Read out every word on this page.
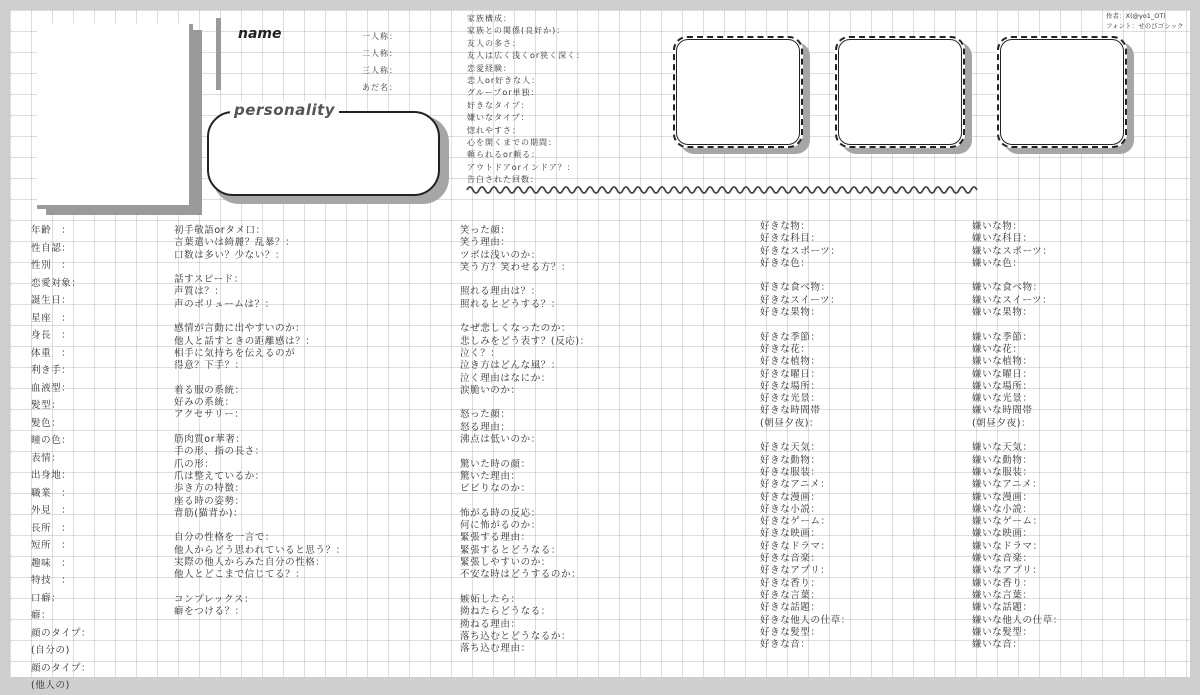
name	一人称：
二人称：
三人称：
あだ名：
personality
家族構成：
家族との関係(良好か)：
友人の多さ：
友人は広く浅くor狭く深く：
恋愛経験：
恋人or好きな人：
グループor単独：
好きなタイプ：
嫌いなタイプ：
惚れやすさ：
心を開くまでの期間：
頼られるor頼る：
アウトドアorインドア？：
告白された回数：
作者：X(@yo1_OT)
フォント：せのびゴシック
年齢　：
性自認：
性別　：
恋愛対象：
誕生日：
星座　：
身長　：
体重　：
利き手：
血液型：
髪型：
髪色：
瞳の色：
表情：
出身地：
職業　：
外見　：
長所　：
短所　：
趣味　：
特技　：
口癖：
癖：
顔のタイプ：
(自分の)
顔のタイプ：
(他人の)
初手敬語orタメ口：
言葉遣いは綺麗？乱暴？：
口数は多い？少ない？：
話すスピード：
声質は？：
声のボリュームは？：
感情が言動に出やすいのか：
他人と話すときの距離感は？：
相手に気持ちを伝えるのが
得意？下手？：
着る服の系統：
好みの系統：
アクセサリー：
筋肉質or華奢：
手の形、指の長さ：
爪の形：
爪は整えているか：
歩き方の特徴：
座る時の姿勢：
背筋(猫背か)：
自分の性格を一言で：
他人からどう思われていると思う？：
実際の他人からみた自分の性格：
他人とどこまで信じてる？：
コンプレックス：
癖をつける？：
笑った顔：
笑う理由：
ツボは浅いのか：
笑う方？笑わせる方？：
照れる理由は？：
照れるとどうする？：
なぜ悲しくなったのか：
悲しみをどう表す？(反応)：
泣く？：
泣き方はどんな風？：
泣く理由はなにか：
涙脆いのか：
怒った顔：
怒る理由：
沸点は低いのか：
驚いた時の顔：
驚いた理由：
ビビりなのか：
怖がる時の反応：
何に怖がるのか：
緊張する理由：
緊張するとどうなる：
緊張しやすいのか：
不安な時はどうするのか：
嫉妬したら：
拗ねたらどうなる：
拗ねる理由：
落ち込むとどうなるか：
落ち込む理由：
好きな物：
好きな科目：
好きなスポーツ：
好きな色：
好きな食べ物：
好きなスイーツ：
好きな果物：
好きな季節：
好きな花：
好きな植物：
好きな曜日：
好きな場所：
好きな光景：
好きな時間帯
(朝昼夕夜)：
好きな天気：
好きな動物：
好きな服装：
好きなアニメ：
好きな漫画：
好きな小説：
好きなゲーム：
好きな映画：
好きなドラマ：
好きな音楽：
好きなアプリ：
好きな香り：
好きな言葉：
好きな話題：
好きな他人の仕草：
好きな髪型：
好きな音：
嫌いな物：
嫌いな科目：
嫌いなスポーツ：
嫌いな色：
嫌いな食べ物：
嫌いなスイーツ：
嫌いな果物：
嫌いな季節：
嫌いな花：
嫌いな植物：
嫌いな曜日：
嫌いな場所：
嫌いな光景：
嫌いな時間帯
(朝昼夕夜)：
嫌いな天気：
嫌いな動物：
嫌いな服装：
嫌いなアニメ：
嫌いな漫画：
嫌いな小説：
嫌いなゲーム：
嫌いな映画：
嫌いなドラマ：
嫌いな音楽：
嫌いなアプリ：
嫌いな香り：
嫌いな言葉：
嫌いな話題：
嫌いな他人の仕草：
嫌いな髪型：
嫌いな音：
